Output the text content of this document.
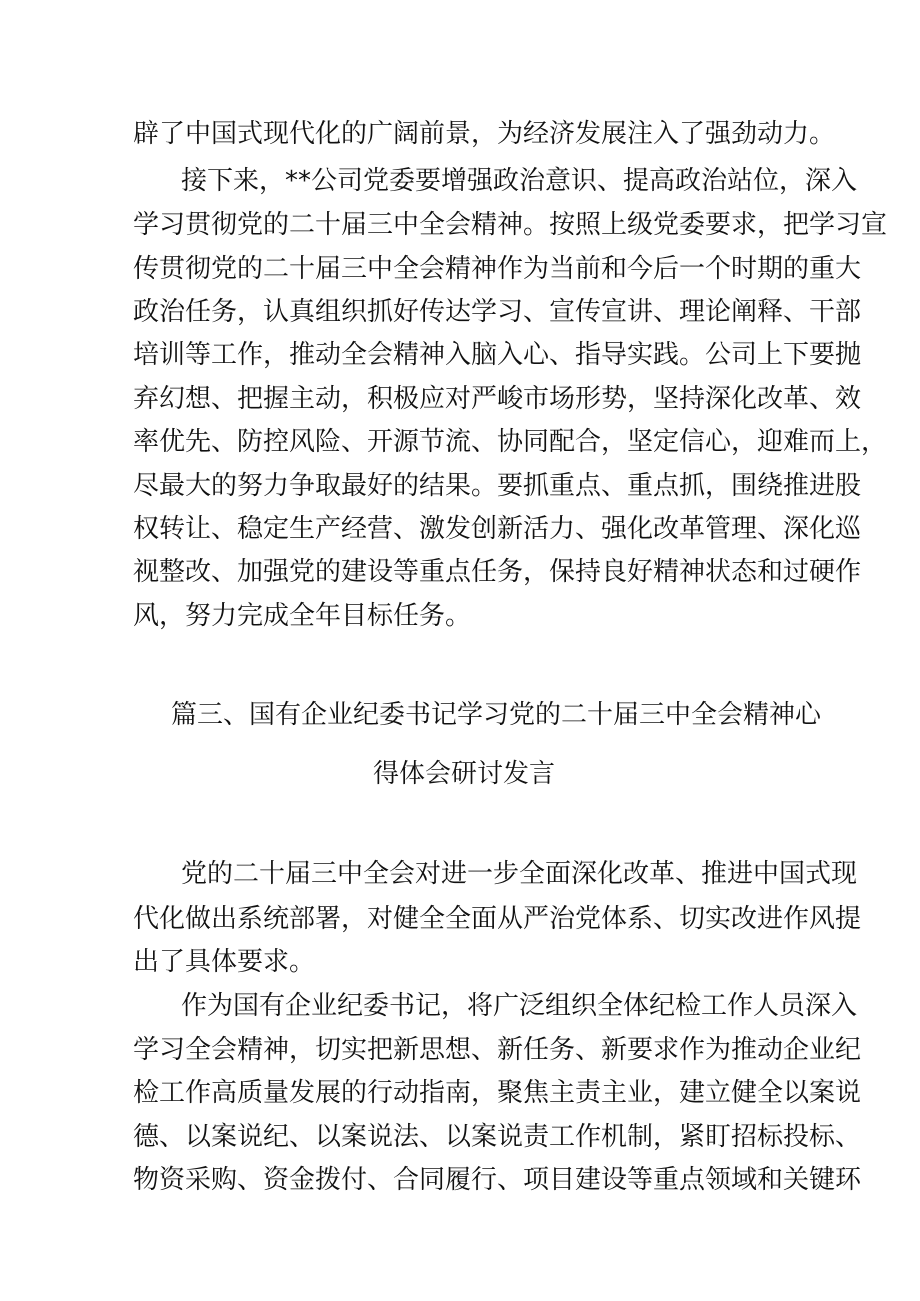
辟了中国式现代化的广阔前景，为经济发展注入了强劲动力。
接下来，**公司党委要增强政治意识、提高政治站位，深入
学习贯彻党的二十届三中全会精神。按照上级党委要求，把学习宣
传贯彻党的二十届三中全会精神作为当前和今后一个时期的重大
政治任务，认真组织抓好传达学习、宣传宣讲、理论阐释、干部
培训等工作，推动全会精神入脑入心、指导实践。公司上下要抛
弃幻想、把握主动，积极应对严峻市场形势，坚持深化改革、效
率优先、防控风险、开源节流、协同配合，坚定信心，迎难而上，
尽最大的努力争取最好的结果。要抓重点、重点抓，围绕推进股
权转让、稳定生产经营、激发创新活力、强化改革管理、深化巡
视整改、加强党的建设等重点任务，保持良好精神状态和过硬作
风，努力完成全年目标任务。
篇三、国有企业纪委书记学习党的二十届三中全会精神心
得体会研讨发言
党的二十届三中全会对进一步全面深化改革、推进中国式现
代化做出系统部署，对健全全面从严治党体系、切实改进作风提
出了具体要求。
作为国有企业纪委书记，将广泛组织全体纪检工作人员深入
学习全会精神，切实把新思想、新任务、新要求作为推动企业纪
检工作高质量发展的行动指南，聚焦主责主业，建立健全以案说
德、以案说纪、以案说法、以案说责工作机制，紧盯招标投标、
物资采购、资金拨付、合同履行、项目建设等重点领域和关键环
